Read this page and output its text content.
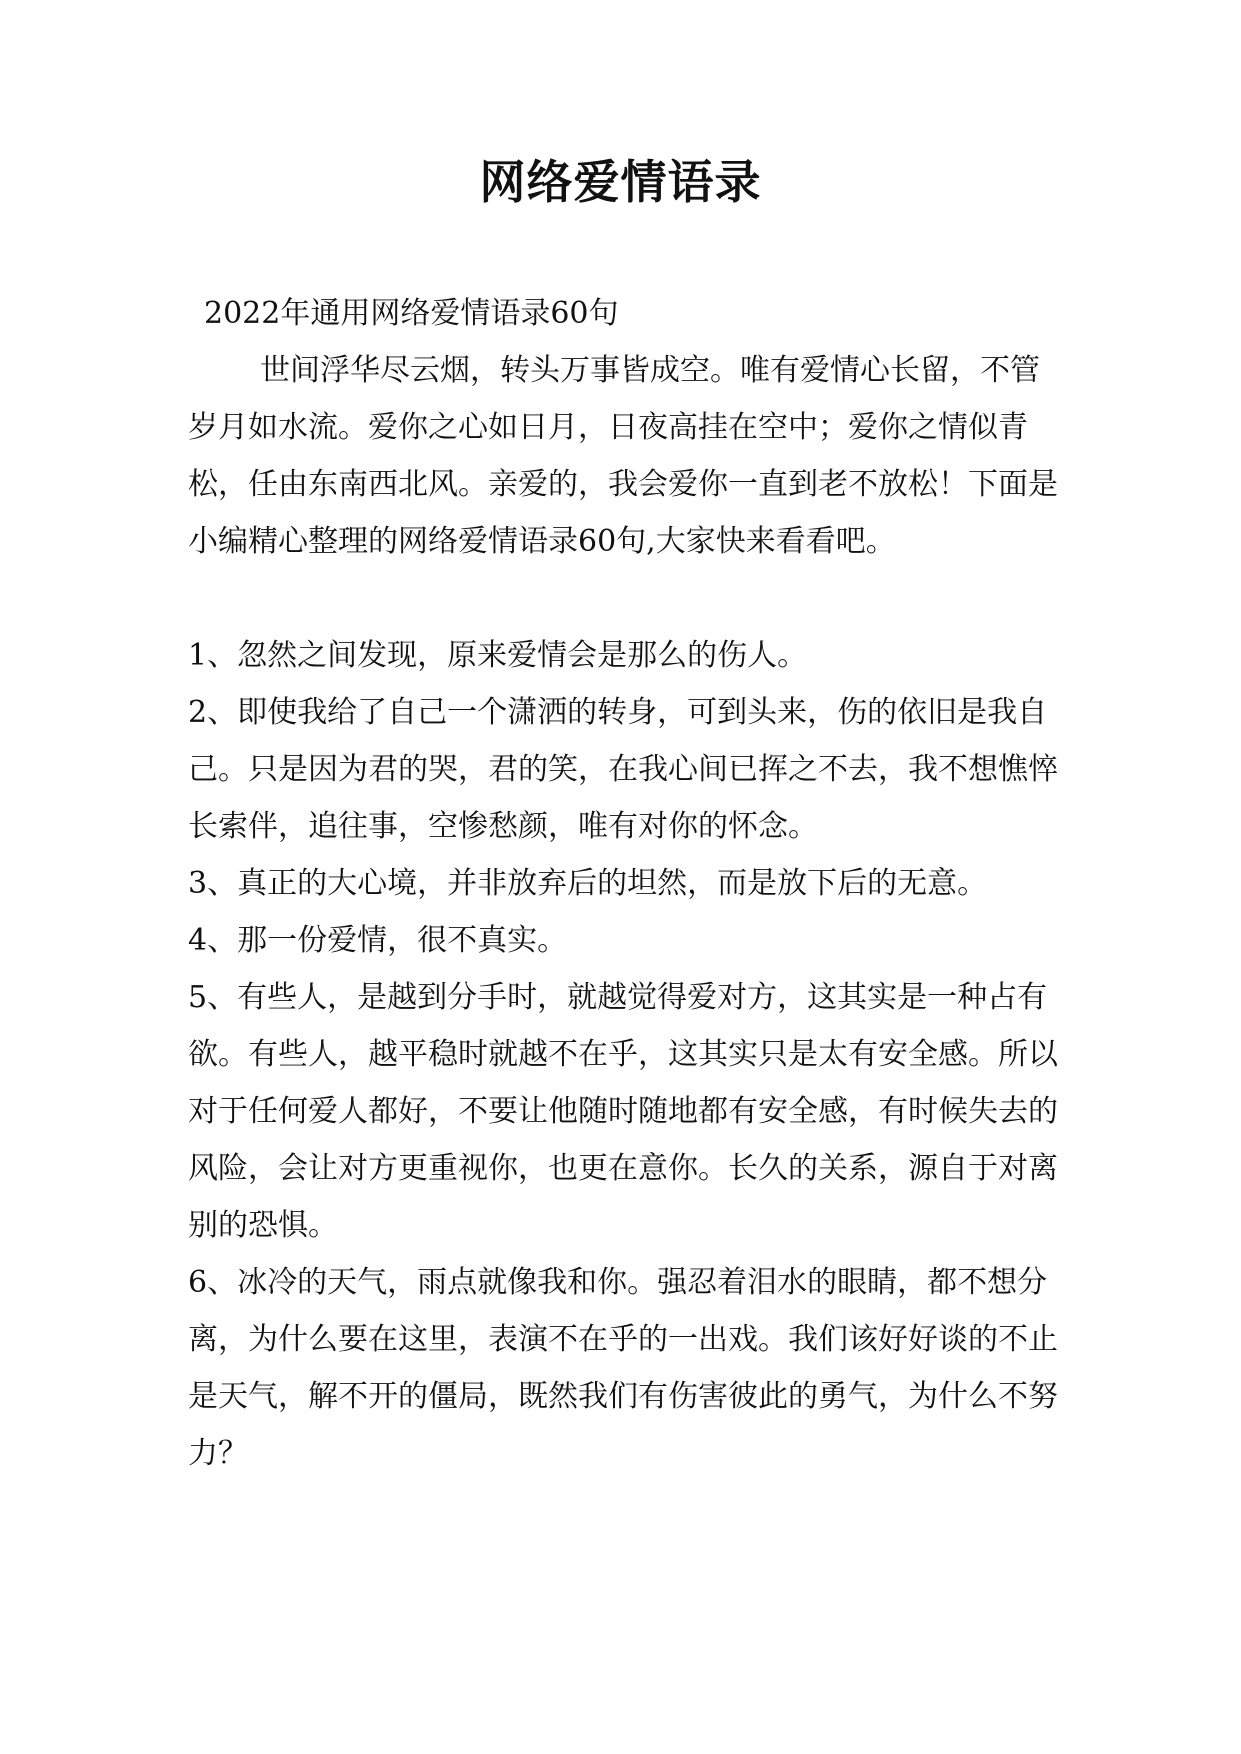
网络爱情语录

2022年通用网络爱情语录60句

世间浮华尽云烟，转头万事皆成空。唯有爱情心长留，不管岁月如水流。爱你之心如日月，日夜高挂在空中；爱你之情似青松，任由东南西北风。亲爱的，我会爱你一直到老不放松！下面是小编精心整理的网络爱情语录60句,大家快来看看吧。

1、忽然之间发现，原来爱情会是那么的伤人。

2、即使我给了自己一个潇洒的转身，可到头来，伤的依旧是我自己。只是因为君的哭，君的笑，在我心间已挥之不去，我不想憔悴长索伴，追往事，空惨愁颜，唯有对你的怀念。

3、真正的大心境，并非放弃后的坦然，而是放下后的无意。

4、那一份爱情，很不真实。

5、有些人，是越到分手时，就越觉得爱对方，这其实是一种占有欲。有些人，越平稳时就越不在乎，这其实只是太有安全感。所以对于任何爱人都好，不要让他随时随地都有安全感，有时候失去的风险，会让对方更重视你，也更在意你。长久的关系，源自于对离别的恐惧。

6、冰冷的天气，雨点就像我和你。强忍着泪水的眼睛，都不想分离，为什么要在这里，表演不在乎的一出戏。我们该好好谈的不止是天气，解不开的僵局，既然我们有伤害彼此的勇气，为什么不努力？
